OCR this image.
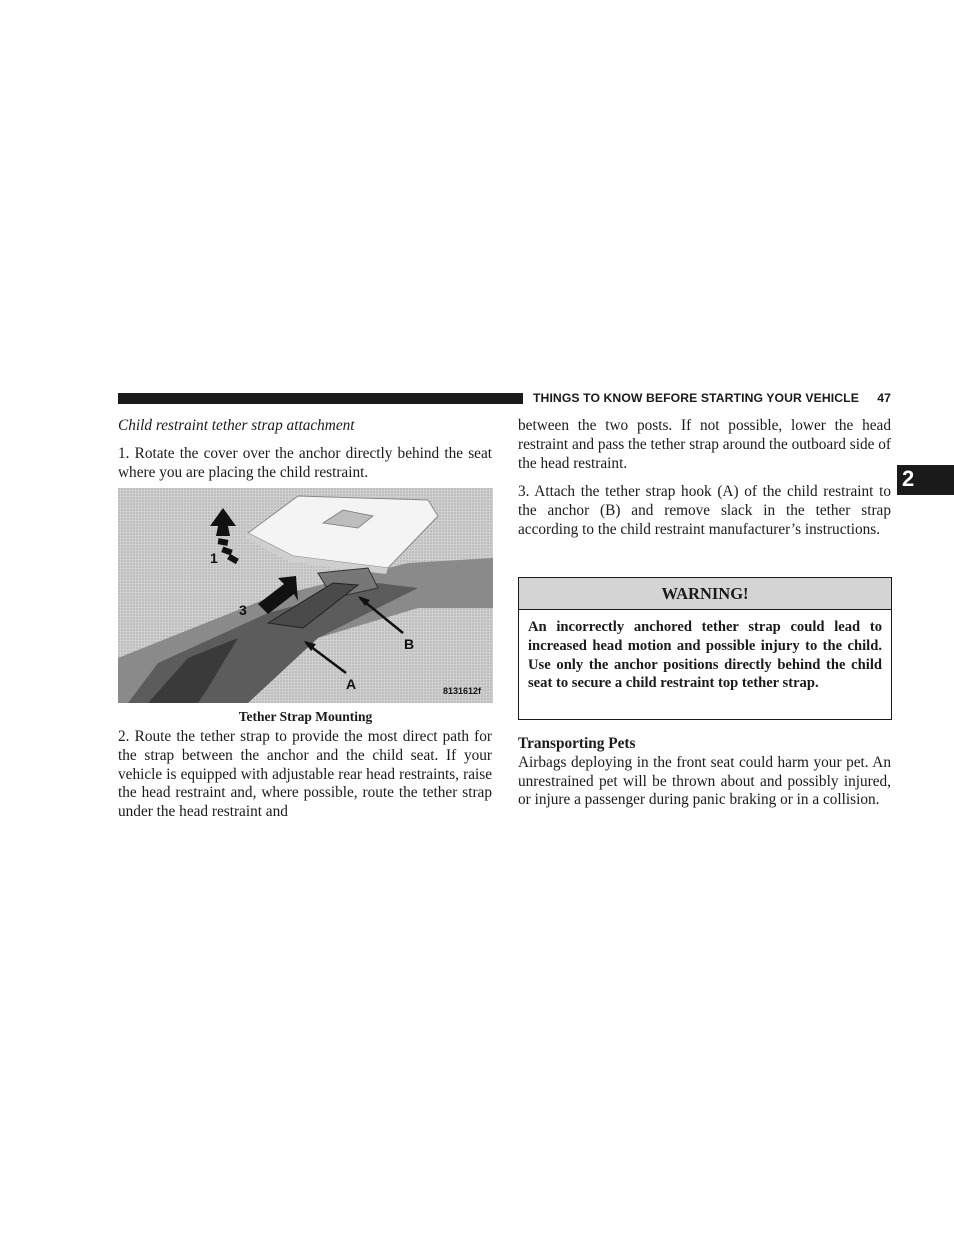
THINGS TO KNOW BEFORE STARTING YOUR VEHICLE 47
2
Child restraint tether strap attachment

1. Rotate the cover over the anchor directly behind the seat where you are placing the child restraint.

1
3
B
A	8131612f
Tether Strap Mounting

2. Route the tether strap to provide the most direct path for the strap between the anchor and the child seat. If your vehicle is equipped with adjustable rear head restraints, raise the head restraint and, where possible, route the tether strap under the head restraint and

between the two posts. If not possible, lower the head restraint and pass the tether strap around the outboard side of the head restraint.

3. Attach the tether strap hook (A) of the child restraint to the anchor (B) and remove slack in the tether strap according to the child restraint manufacturer’s instructions.

WARNING!
An incorrectly anchored tether strap could lead to increased head motion and possible injury to the child. Use only the anchor positions directly behind the child seat to secure a child restraint top tether strap.
Transporting Pets

Airbags deploying in the front seat could harm your pet. An unrestrained pet will be thrown about and possibly injured, or injure a passenger during panic braking or in a collision.
